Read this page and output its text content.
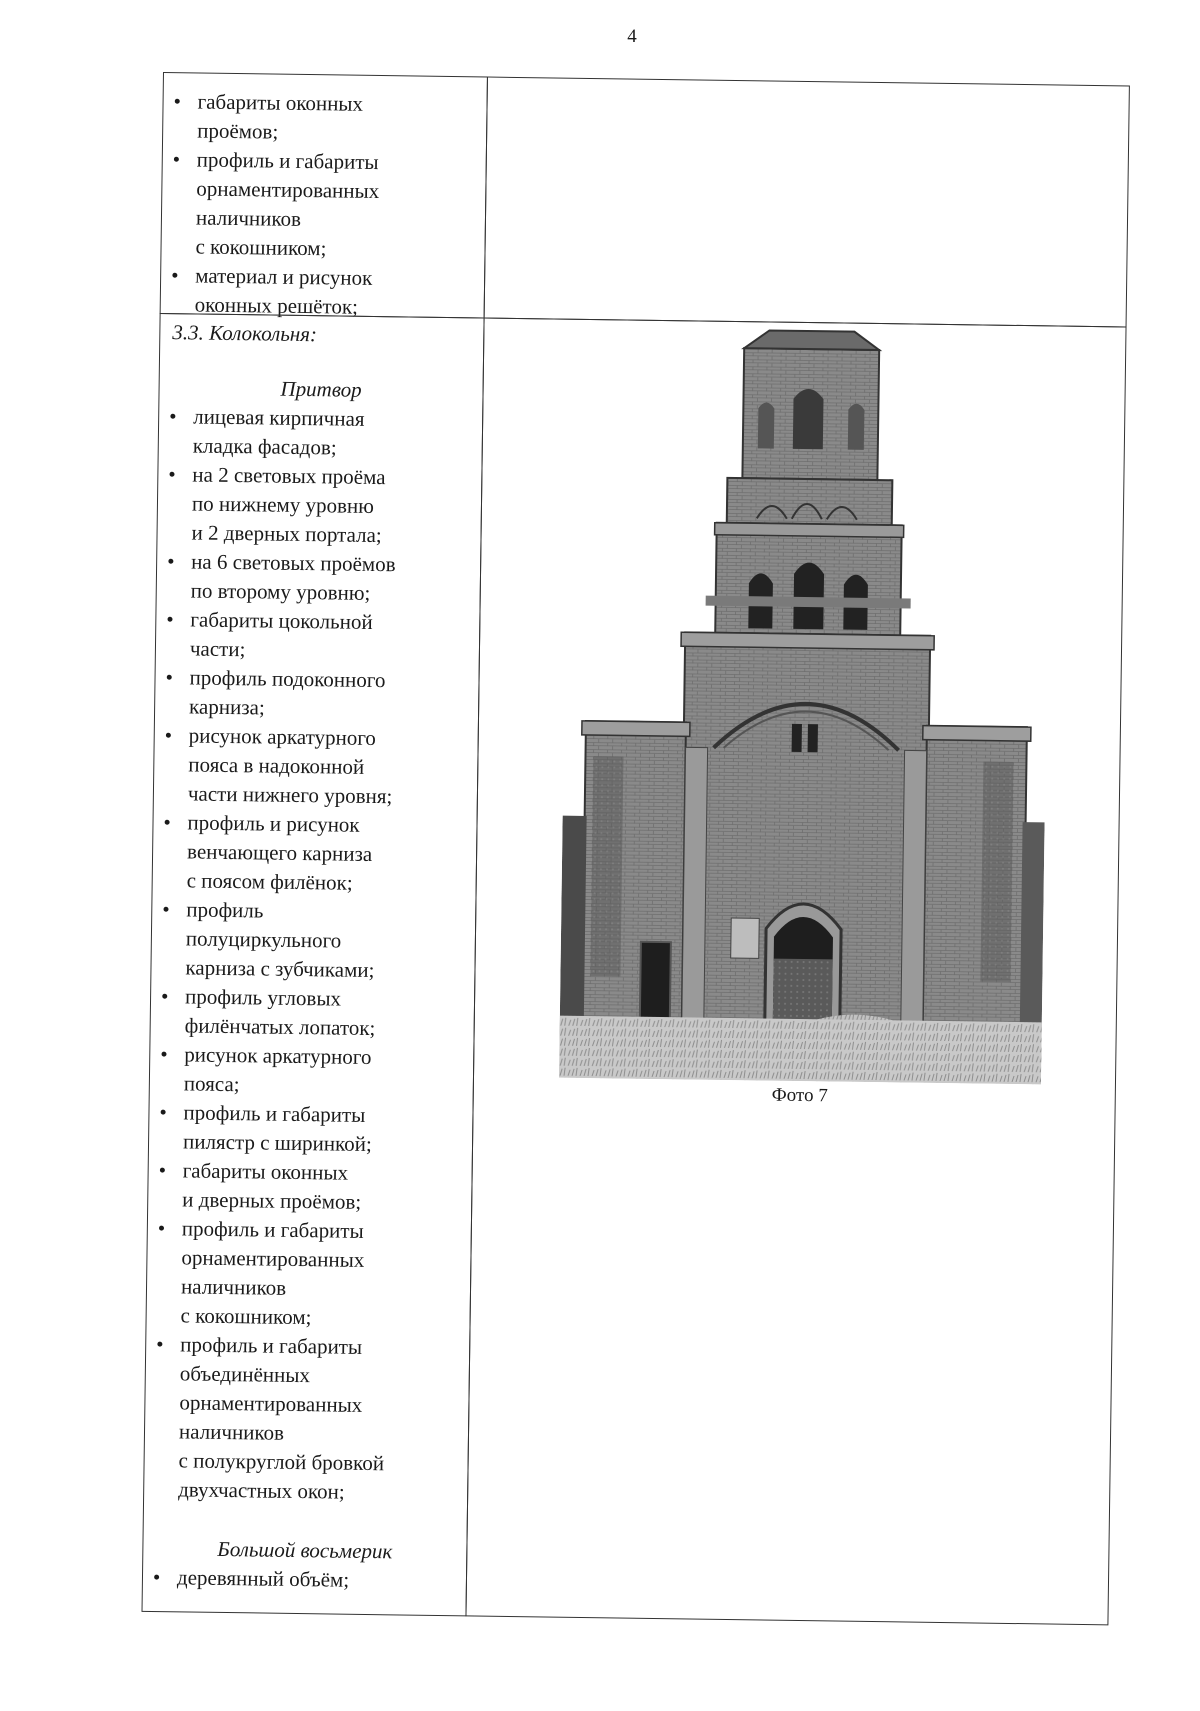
4
• габариты оконных
проёмов;
• профиль и габариты
орнаментированных
наличников
с кокошником;
• материал и рисунок
оконных решёток;
3.3. Колокольня:
Притвор
• лицевая кирпичная
кладка фасадов;
• на 2 световых проёма
по нижнему уровню
и 2 дверных портала;
• на 6 световых проёмов
по второму уровню;
• габариты цокольной
части;
• профиль подоконного
карниза;
• рисунок аркатурного
пояса в надоконной
части нижнего уровня;
• профиль и рисунок
венчающего карниза
с поясом филёнок;
• профиль
полуциркульного
карниза с зубчиками;
• профиль угловых
филёнчатых лопаток;
• рисунок аркатурного
пояса;
• профиль и габариты
пилястр с ширинкой;
• габариты оконных
и дверных проёмов;
• профиль и габариты
орнаментированных
наличников
с кокошником;
• профиль и габариты
объединённых
орнаментированных
наличников
с полукруглой бровкой
двухчастных окон;
Большой восьмерик
• деревянный объём;
Фото 7
